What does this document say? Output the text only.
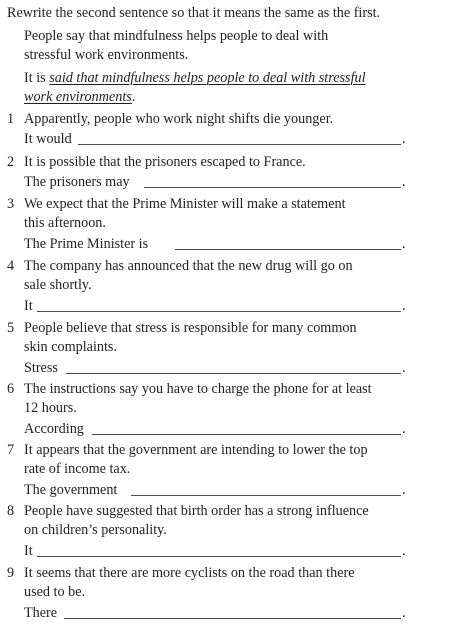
Rewrite the second sentence so that it means the same as the first.
People say that mindfulness helps people to deal with
stressful work environments.
It is said that mindfulness helps people to deal with stressful
work environments.
1 Apparently, people who work night shifts die younger.
It would	.
2 It is possible that the prisoners escaped to France.
The prisoners may	.
3 We expect that the Prime Minister will make a statement
this afternoon.
The Prime Minister is	.
4 The company has announced that the new drug will go on
sale shortly.
It	.
5 People believe that stress is responsible for many common
skin complaints.
Stress	.
6 The instructions say you have to charge the phone for at least
12 hours.
According	.
7 It appears that the government are intending to lower the top
rate of income tax.
The government	.
8 People have suggested that birth order has a strong influence
on children’s personality.
It	.
9 It seems that there are more cyclists on the road than there
used to be.
There	.
